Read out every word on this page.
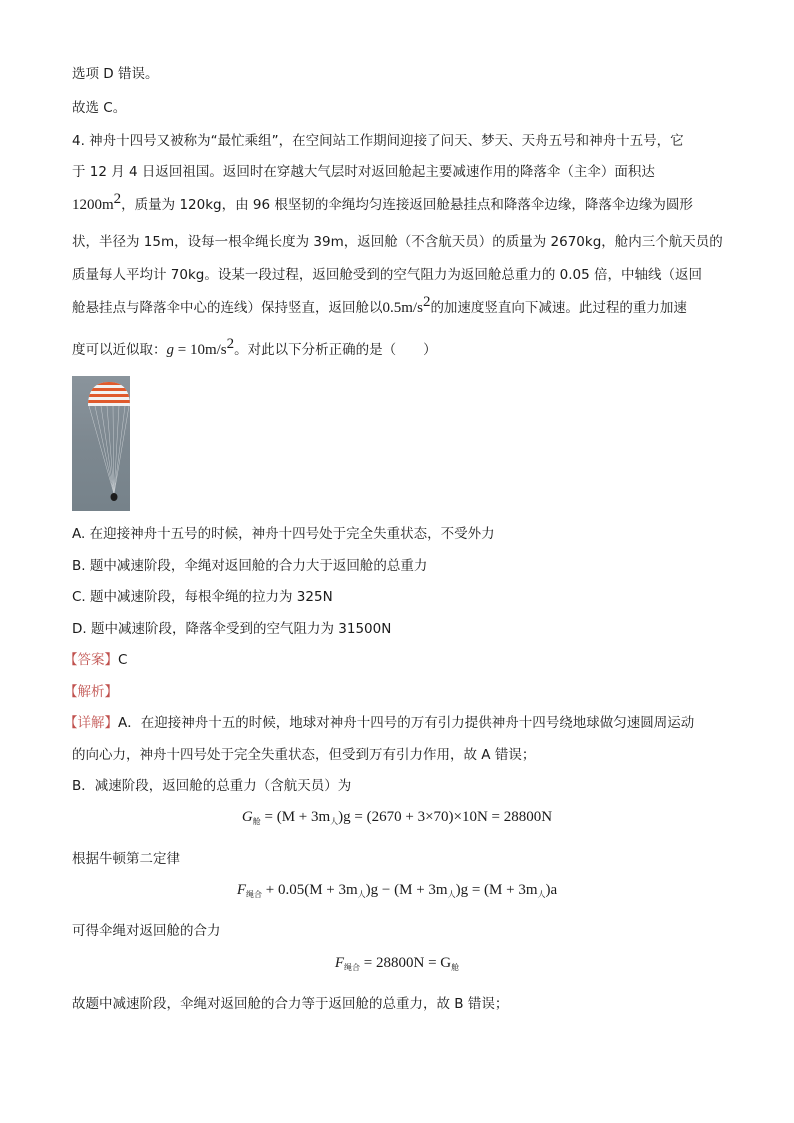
选项 D 错误。
故选 C。
4. 神舟十四号又被称为“最忙乘组”，在空间站工作期间迎接了问天、梦天、天舟五号和神舟十五号，它
于 12 月 4 日返回祖国。返回时在穿越大气层时对返回舱起主要减速作用的降落伞（主伞）面积达
$1200m^2$，质量为 120kg，由 96 根坚韧的伞绳均匀连接返回舱悬挂点和降落伞边缘，降落伞边缘为圆形
状，半径为 15m，设每一根伞绳长度为 39m，返回舱（不含航天员）的质量为 2670kg，舱内三个航天员的
质量每人平均计 70kg。设某一段过程，返回舱受到的空气阻力为返回舱总重力的 0.05 倍，中轴线（返回
舱悬挂点与降落伞中心的连线）保持竖直，返回舱以$0.5m/s^2$的加速度竖直向下减速。此过程的重力加速
度可以近似取：$g = 10m/s^2$。对此以下分析正确的是（　　）
A. 在迎接神舟十五号的时候，神舟十四号处于完全失重状态，不受外力
B. 题中减速阶段，伞绳对返回舱的合力大于返回舱的总重力
C. 题中减速阶段，每根伞绳的拉力为 325N
D. 题中减速阶段，降落伞受到的空气阻力为 31500N
【答案】C
【解析】
【详解】A．在迎接神舟十五的时候，地球对神舟十四号的万有引力提供神舟十四号绕地球做匀速圆周运动
的向心力，神舟十四号处于完全失重状态，但受到万有引力作用，故 A 错误；
B．减速阶段，返回舱的总重力（含航天员）为
$G_舱 = (M + 3m_人)g = (2670 + 3\times 70)\times 10N = 28800N$
根据牛顿第二定律
$F_{绳合} + 0.05(M + 3m_人)g - (M + 3m_人)g = (M + 3m_人)a$
可得伞绳对返回舱的合力
$F_{绳合} = 28800N = G_舱$
故题中减速阶段，伞绳对返回舱的合力等于返回舱的总重力，故 B 错误；
